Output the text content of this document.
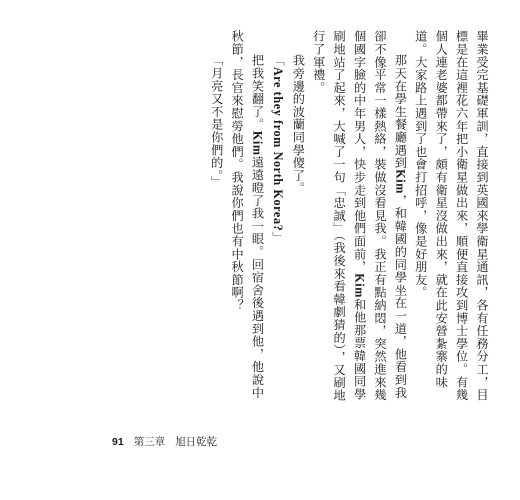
畢業受完基礎軍訓，直接到英國來學衛星通訊，各有任務分工，目標是在這裡花六年把小衛星做出來，順便直接攻到博士學位。有幾個人連老婆都帶來了，頗有衛星沒做出來，就在此安營紮寨的味道。大家路上遇到了也會打招呼，像是好朋友。

那天在學生餐廳遇到Kim，和韓國的同學坐在一道，他看到我卻不像平常一樣熱絡，裝做沒看見我。我正有點納悶，突然進來幾個國字臉的中年男人，快步走到他們面前，Kim和他那票韓國同學刷地站了起來，大喊了一句「忠誠」（我後來看韓劇猜的），又刷地行了軍禮。

我旁邊的波蘭同學傻了。

「Are they from North Korea?」

把我笑翻了。Kim遠遠瞪了我一眼。回宿舍後遇到他，他說中秋節，長官來慰勞他們。我說你們也有中秋節啊？

「月亮又不是你們的。」

91 第三章 旭日乾乾
